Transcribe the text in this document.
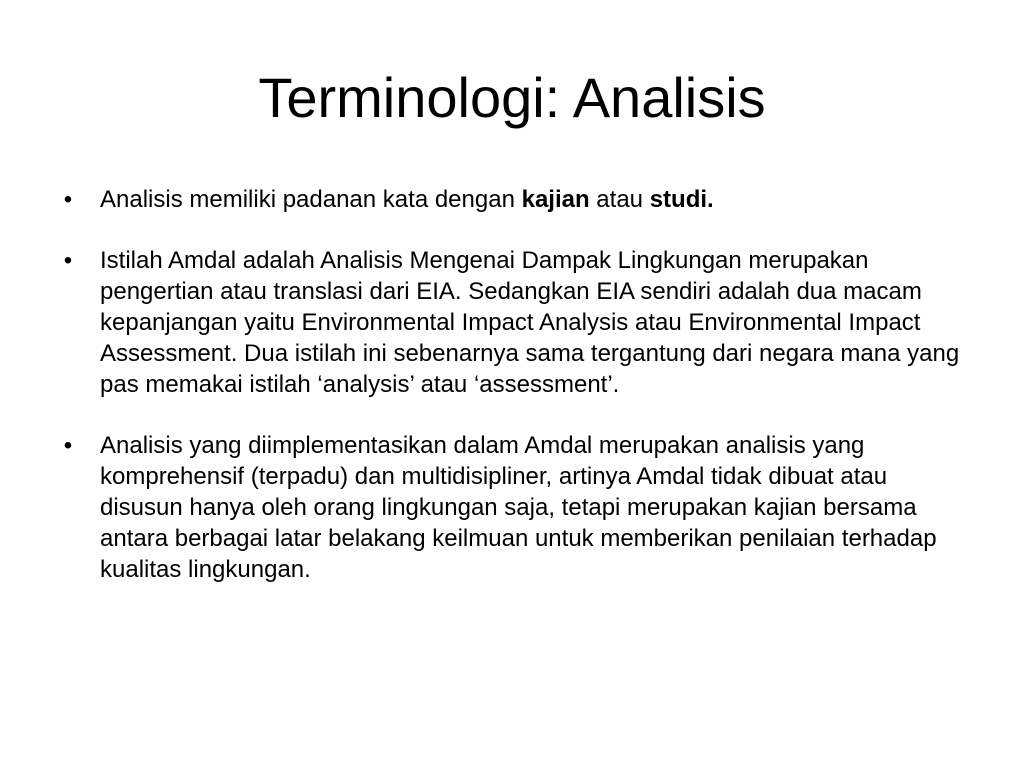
Terminologi: Analisis
• Analisis memiliki padanan kata dengan kajian atau studi.
• Istilah Amdal adalah Analisis Mengenai Dampak Lingkungan merupakan pengertian atau translasi dari EIA. Sedangkan EIA sendiri adalah dua macam kepanjangan yaitu Environmental Impact Analysis atau Environmental Impact Assessment. Dua istilah ini sebenarnya sama tergantung dari negara mana yang pas memakai istilah ‘analysis’ atau ‘assessment’.
• Analisis yang diimplementasikan dalam Amdal merupakan analisis yang komprehensif (terpadu) dan multidisipliner, artinya Amdal tidak dibuat atau disusun hanya oleh orang lingkungan saja, tetapi merupakan kajian bersama antara berbagai latar belakang keilmuan untuk memberikan penilaian terhadap kualitas lingkungan.
